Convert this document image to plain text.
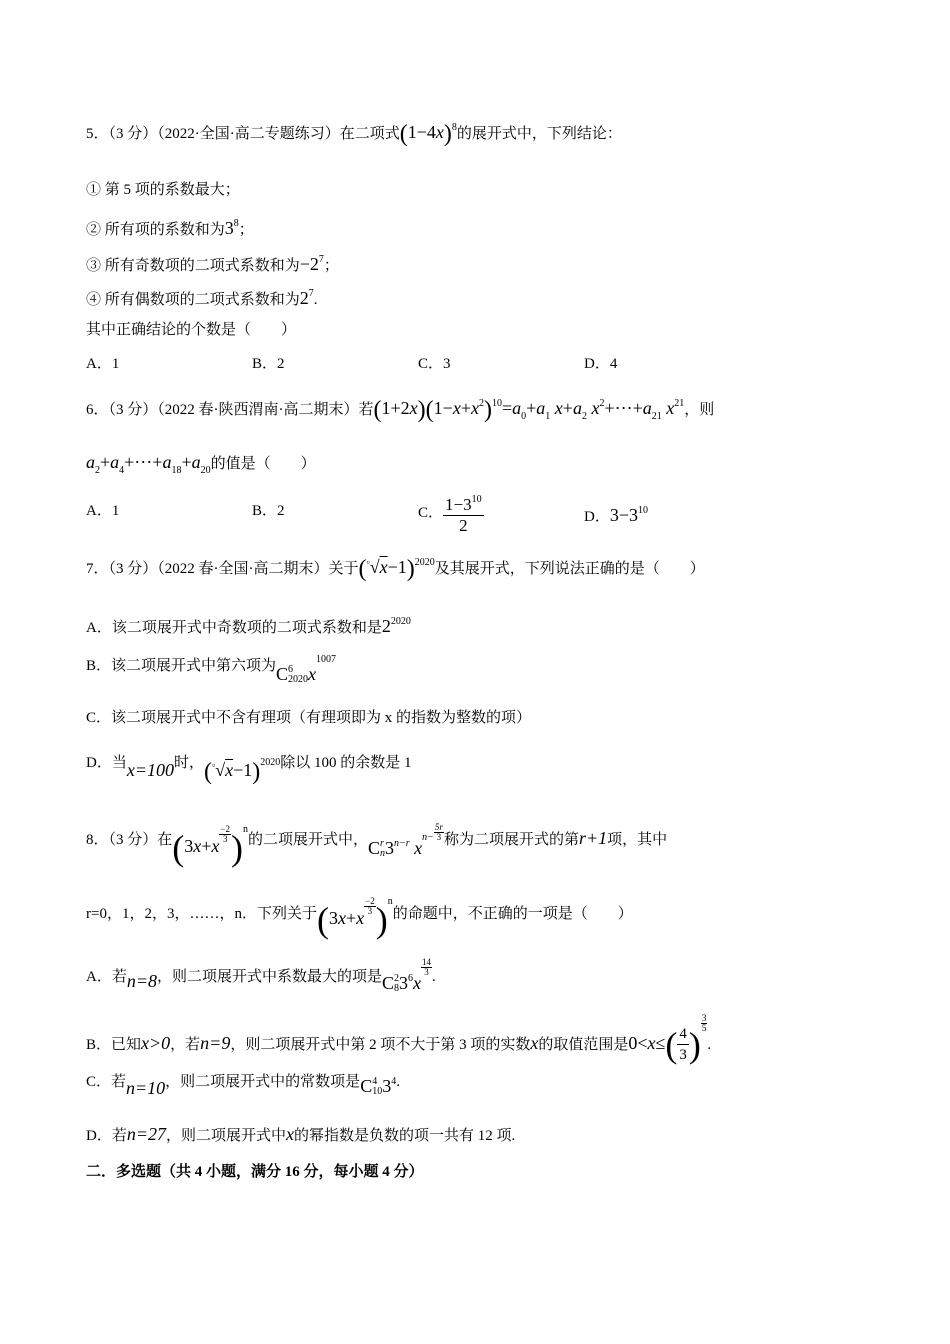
5．（3 分）（2022·全国·高二专题练习）在二项式$(1-4x)^8$的展开式中，下列结论：
① 第 5 项的系数最大；
② 所有项的系数和为$3^8$；
③ 所有奇数项的二项式系数和为$-2^7$；
④ 所有偶数项的二项式系数和为$2^7$.
其中正确结论的个数是（　　）
A．1	B．2	C．3	D．4
6．（3 分）（2022 春·陕西渭南·高二期末）若$(1+2x)(1-x+x^2)^{10}=a_0+a_1$ $x+a_2$ $x^2+\cdot\cdot\cdot+a_{21}$ $x^{21}$，则
$a_2+a_4+\cdot\cdot\cdot+a_{18}+a_{20}$的值是（　　）
A．1	B．2	C． $\frac{1-3^{10}}{2}$	D．$3-3^{10}$
7．（3 分）（2022 春·全国·高二期末）关于$(^▫√x-1)^{2020}$及其展开式，下列说法正确的是（　　）
A．该二项展开式中奇数项的二项式系数和是$2^{2020}$
B．该二项展开式中第六项为C 6
2020 $x^{1007}$
C．该二项展开式中不含有理项（有理项即为 x 的指数为整数的项）
D．当x=100时，$(^▫√x-1)^{2020}$除以 100 的余数是 1
8．（3 分）在(3x+x
$\frac{-2}{3} )^n$的二项展开式中，C r
n $3^{n-r}$ $x^{n-} \frac{5r}{3}$ 称为二项展开式的第r+1项，其中
r=0，1，2，3，……，n．下列关于(3x+x
$\frac{-2}{3} )^n$的命题中，不正确的一项是（　　）
A．若n=8，则二项展开式中系数最大的项是C 2
8 $3^6x$
$\frac{14}{3}$ .
B．已知x>0，若n=9，则二项展开式中第 2 项不大于第 3 项的实数x的取值范围是$0<x\le( \frac{4}{3}$ )
$\frac{3}{5}$
.
C．若n=10，则二项展开式中的常数项是C 4
10 $3^4$.
D．若n=27，则二项展开式中x的幂指数是负数的项一共有 12 项.
二．多选题（共 4 小题，满分 16 分，每小题 4 分）
